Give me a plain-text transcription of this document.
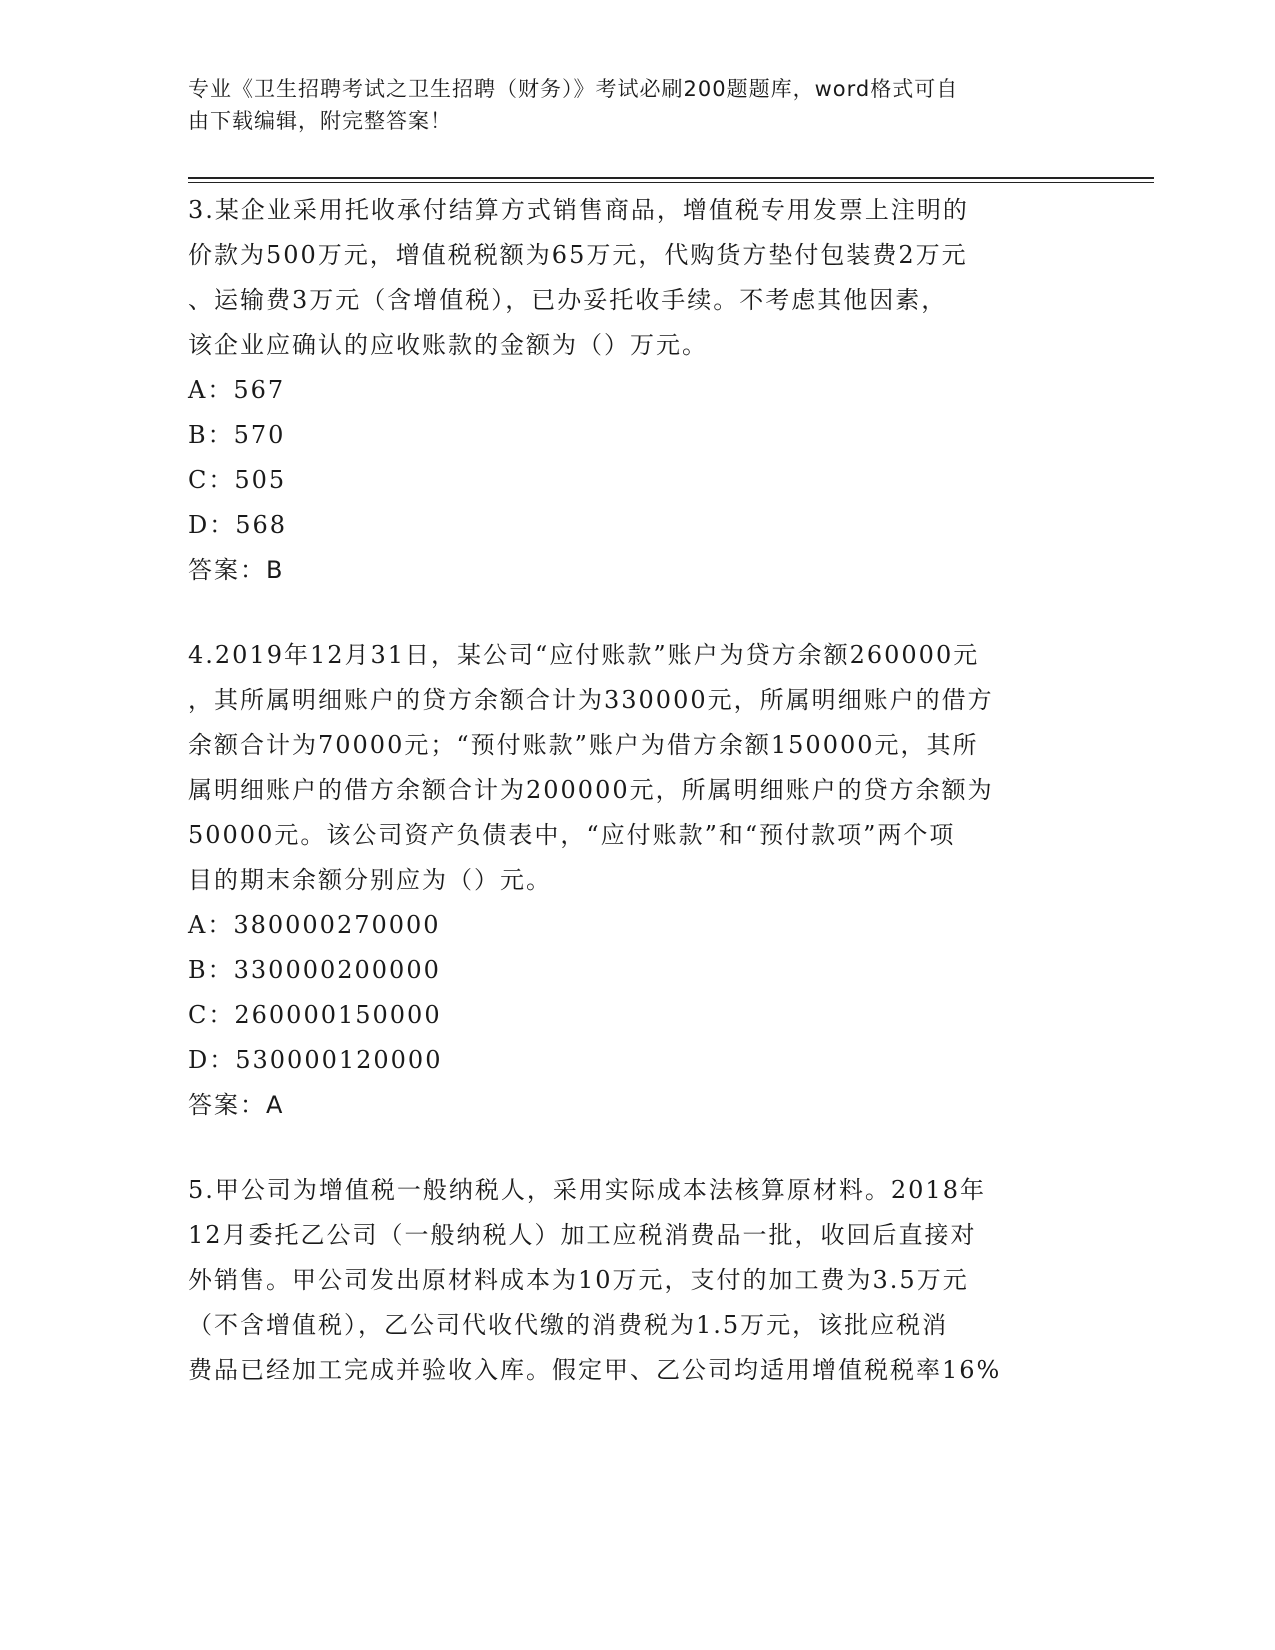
专业《卫生招聘考试之卫生招聘（财务）》考试必刷200题题库，word格式可自
由下载编辑，附完整答案！
3.某企业采用托收承付结算方式销售商品，增值税专用发票上注明的
价款为500万元，增值税税额为65万元，代购货方垫付包装费2万元
、运输费3万元（含增值税），已办妥托收手续。不考虑其他因素，
该企业应确认的应收账款的金额为（）万元。
A：567
B：570
C：505
D：568
答案：B
4.2019年12月31日，某公司“应付账款”账户为贷方余额260000元
，其所属明细账户的贷方余额合计为330000元，所属明细账户的借方
余额合计为70000元；“预付账款”账户为借方余额150000元，其所
属明细账户的借方余额合计为200000元，所属明细账户的贷方余额为
50000元。该公司资产负债表中，“应付账款”和“预付款项”两个项
目的期末余额分别应为（）元。
A：380000270000
B：330000200000
C：260000150000
D：530000120000
答案：A
5.甲公司为增值税一般纳税人，采用实际成本法核算原材料。2018年
12月委托乙公司（一般纳税人）加工应税消费品一批，收回后直接对
外销售。甲公司发出原材料成本为10万元，支付的加工费为3.5万元
（不含增值税），乙公司代收代缴的消费税为1.5万元，该批应税消
费品已经加工完成并验收入库。假定甲、乙公司均适用增值税税率16%
